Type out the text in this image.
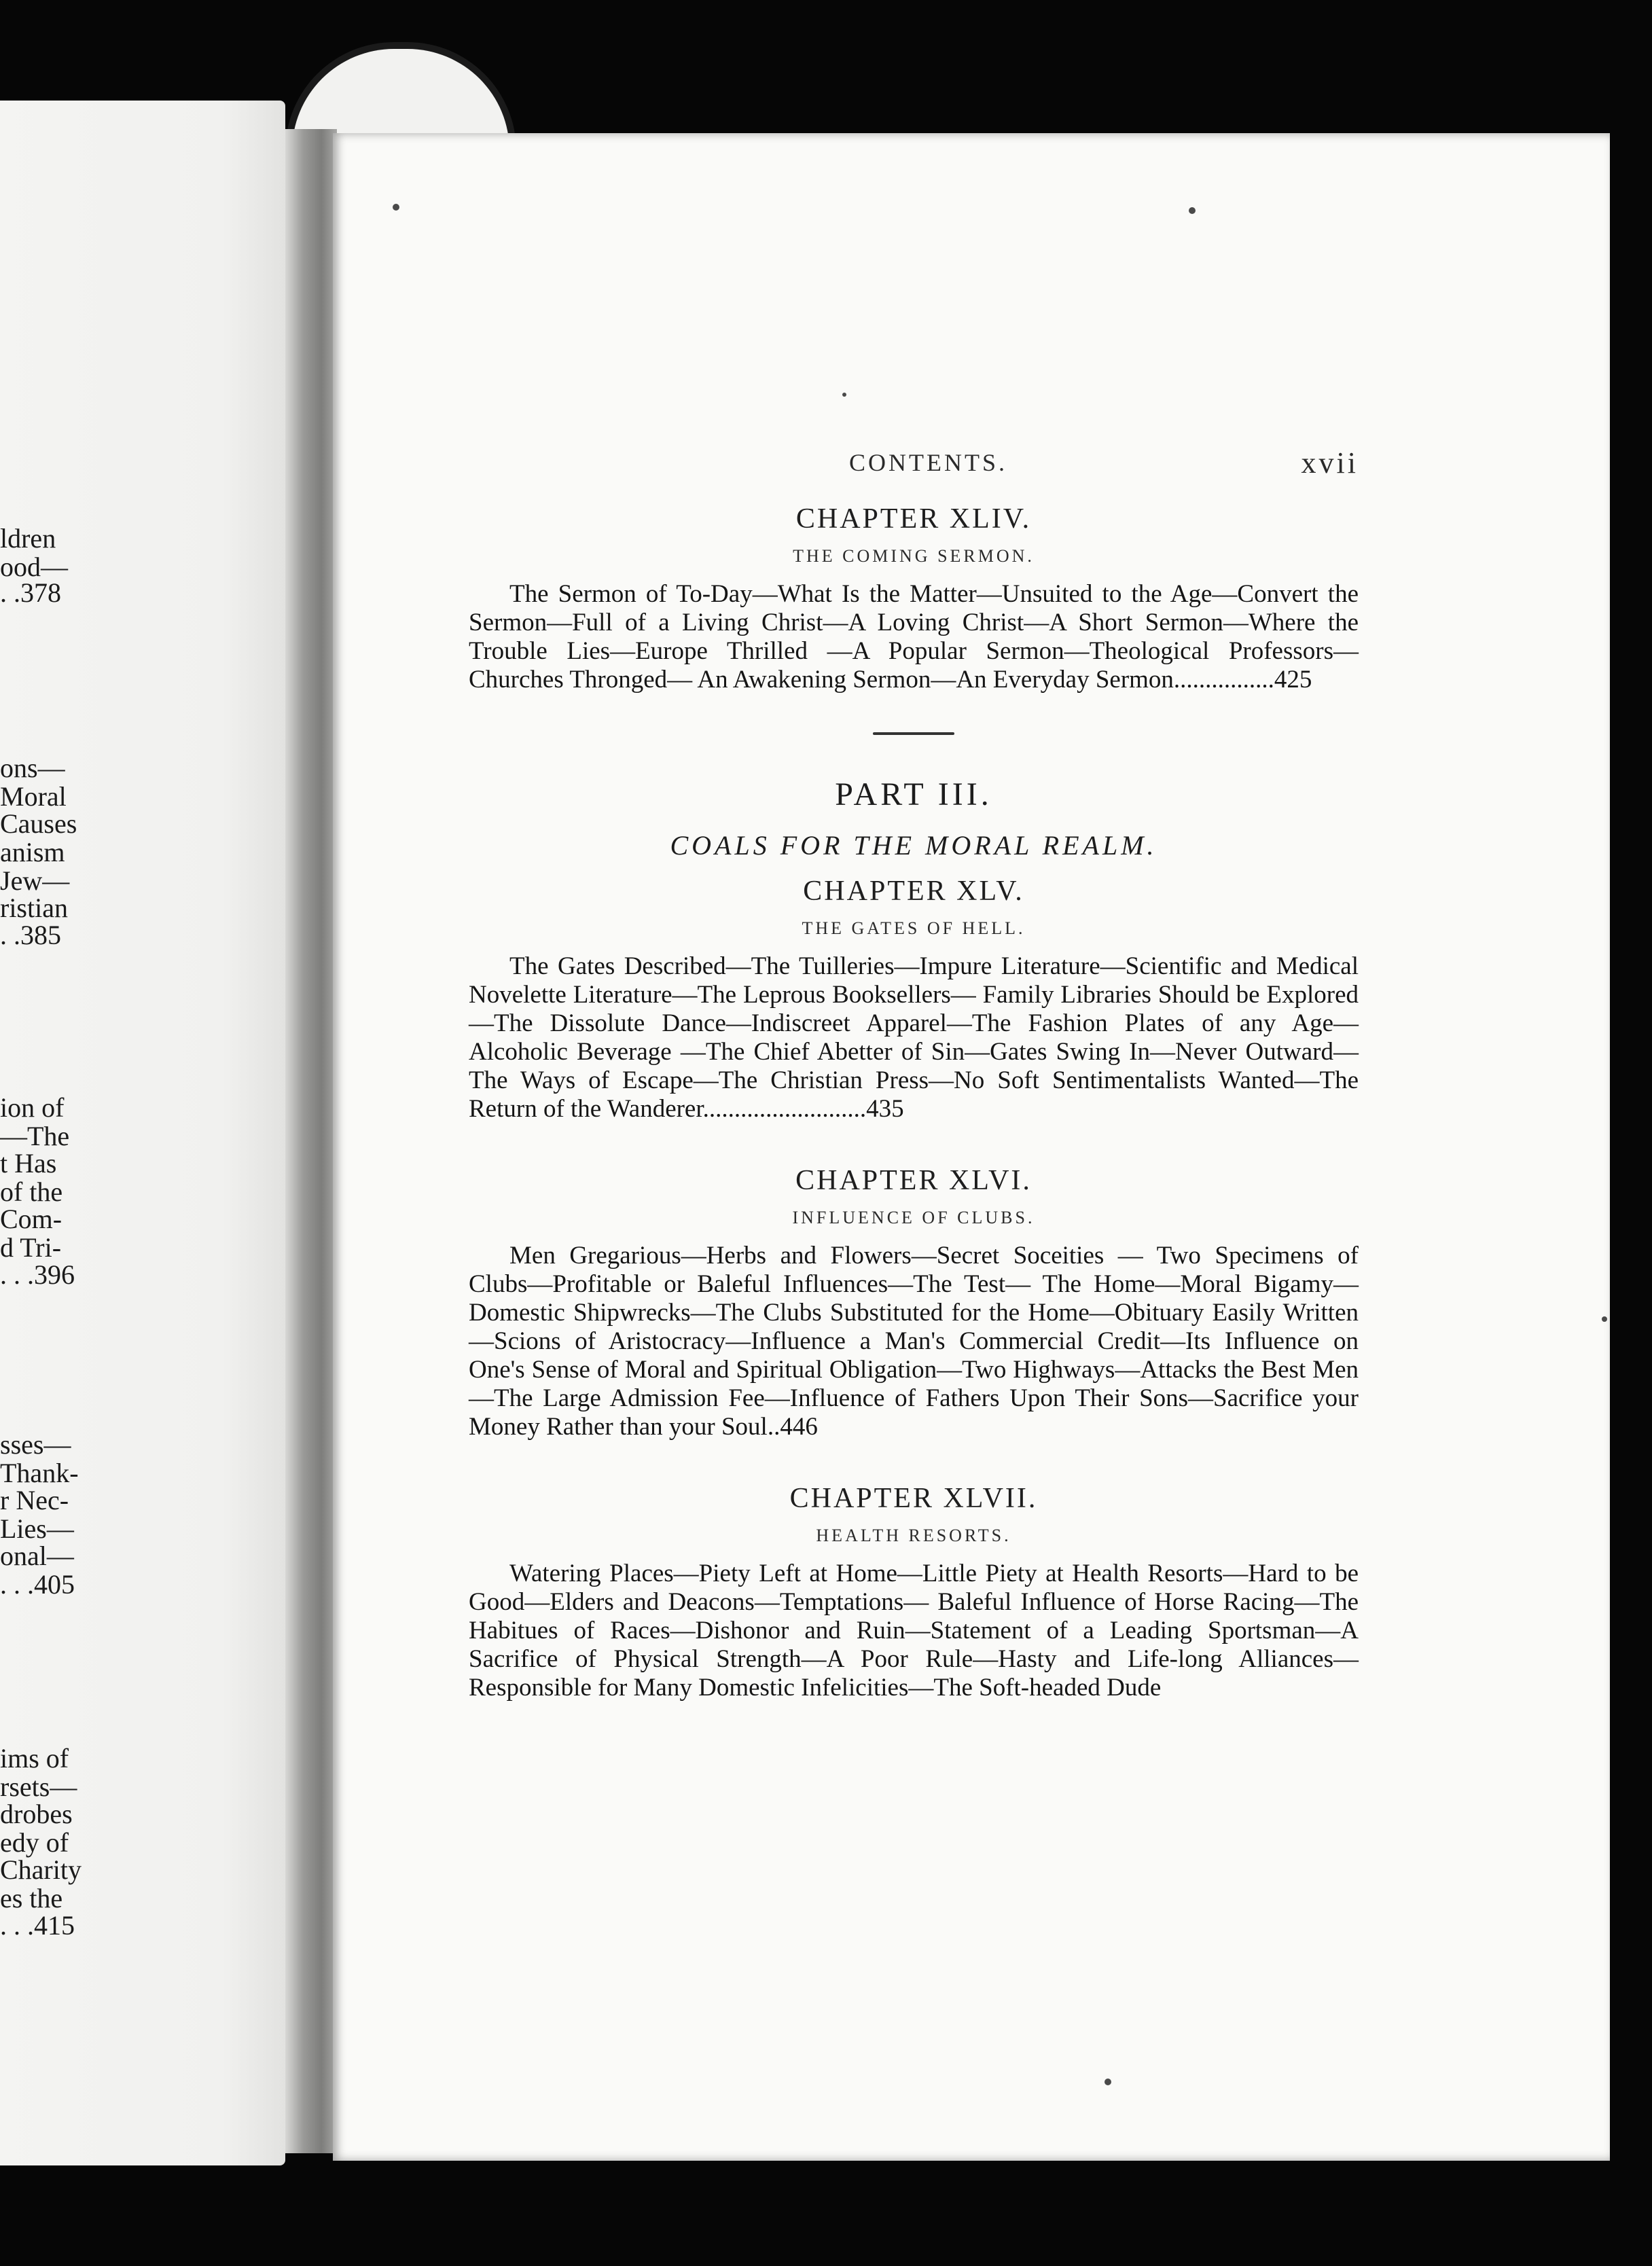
ldren
ood—
. .378
ons—
Moral
Causes
anism
Jew—
ristian
. .385
ion of
—The
t Has
of the
Com-
d Tri-
. . .396
sses—
Thank-
r Nec-
Lies—
onal—
. . .405
ims of
rsets—
drobes
edy of
Charity
es the
. . .415
CONTENTS.	xvii
CHAPTER XLIV.
THE COMING SERMON.
The Sermon of To-Day—What Is the Matter—Unsuited to the Age—Convert the Sermon—Full of a Living Christ—A Loving Christ—A Short Sermon—Where the Trouble Lies—Europe Thrilled —A Popular Sermon—Theological Professors—Churches Thronged— An Awakening Sermon—An Everyday Sermon................425
PART III.
COALS FOR THE MORAL REALM.
CHAPTER XLV.
THE GATES OF HELL.
The Gates Described—The Tuilleries—Impure Literature—Scientific and Medical Novelette Literature—The Leprous Booksellers— Family Libraries Should be Explored—The Dissolute Dance—Indiscreet Apparel—The Fashion Plates of any Age—Alcoholic Beverage —The Chief Abetter of Sin—Gates Swing In—Never Outward—The Ways of Escape—The Christian Press—No Soft Sentimentalists Wanted—The Return of the Wanderer..........................435
CHAPTER XLVI.
INFLUENCE OF CLUBS.
Men Gregarious—Herbs and Flowers—Secret Soceities — Two Specimens of Clubs—Profitable or Baleful Influences—The Test— The Home—Moral Bigamy—Domestic Shipwrecks—The Clubs Substituted for the Home—Obituary Easily Written—Scions of Aristocracy—Influence a Man's Commercial Credit—Its Influence on One's Sense of Moral and Spiritual Obligation—Two Highways—Attacks the Best Men—The Large Admission Fee—Influence of Fathers Upon Their Sons—Sacrifice your Money Rather than your Soul..446
CHAPTER XLVII.
HEALTH RESORTS.
Watering Places—Piety Left at Home—Little Piety at Health Resorts—Hard to be Good—Elders and Deacons—Temptations— Baleful Influence of Horse Racing—The Habitues of Races—Dishonor and Ruin—Statement of a Leading Sportsman—A Sacrifice of Physical Strength—A Poor Rule—Hasty and Life-long Alliances— Responsible for Many Domestic Infelicities—The Soft-headed Dude
